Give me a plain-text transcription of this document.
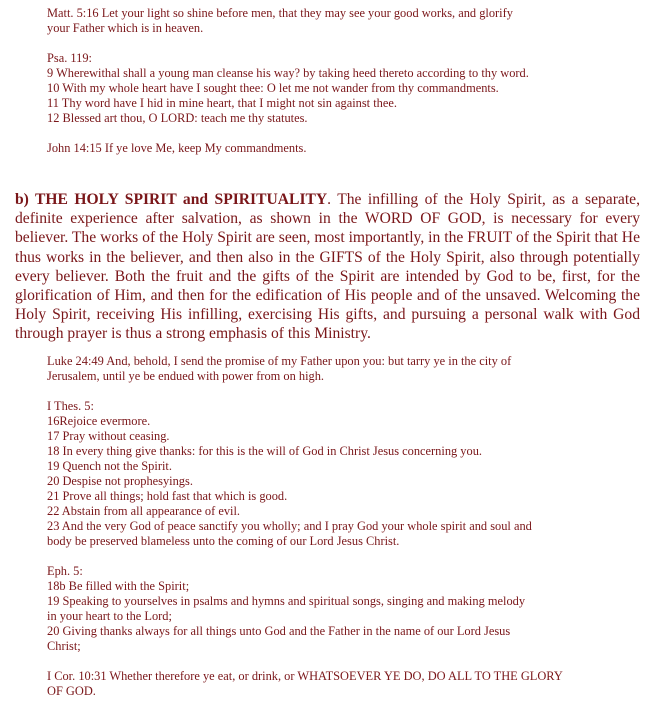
Matt. 5:16 Let your light so shine before men, that they may see your good works, and glorify
your Father which is in heaven.
Psa. 119:
9 Wherewithal shall a young man cleanse his way? by taking heed thereto according to thy word.
10 With my whole heart have I sought thee: O let me not wander from thy commandments.
11 Thy word have I hid in mine heart, that I might not sin against thee.
12 Blessed art thou, O LORD: teach me thy statutes.
John 14:15 If ye love Me, keep My commandments.
b) THE HOLY SPIRIT and SPIRITUALITY. The infilling of the Holy Spirit, as a separate, definite experience after salvation, as shown in the WORD OF GOD, is necessary for every believer. The works of the Holy Spirit are seen, most importantly, in the FRUIT of the Spirit that He thus works in the believer, and then also in the GIFTS of the Holy Spirit, also through potentially every believer. Both the fruit and the gifts of the Spirit are intended by God to be, first, for the glorification of Him, and then for the edification of His people and of the unsaved. Welcoming the Holy Spirit, receiving His infilling, exercising His gifts, and pursuing a personal walk with God through prayer is thus a strong emphasis of this Ministry.
Luke 24:49 And, behold, I send the promise of my Father upon you: but tarry ye in the city of
Jerusalem, until ye be endued with power from on high.
I Thes. 5:
16Rejoice evermore.
17 Pray without ceasing.
18 In every thing give thanks: for this is the will of God in Christ Jesus concerning you.
19 Quench not the Spirit.
20 Despise not prophesyings.
21 Prove all things; hold fast that which is good.
22 Abstain from all appearance of evil.
23 And the very God of peace sanctify you wholly; and I pray God your whole spirit and soul and
body be preserved blameless unto the coming of our Lord Jesus Christ.
Eph. 5:
18b Be filled with the Spirit;
19 Speaking to yourselves in psalms and hymns and spiritual songs, singing and making melody
in your heart to the Lord;
20 Giving thanks always for all things unto God and the Father in the name of our Lord Jesus
Christ;
I Cor. 10:31 Whether therefore ye eat, or drink, or WHATSOEVER YE DO, DO ALL TO THE GLORY
OF GOD.
